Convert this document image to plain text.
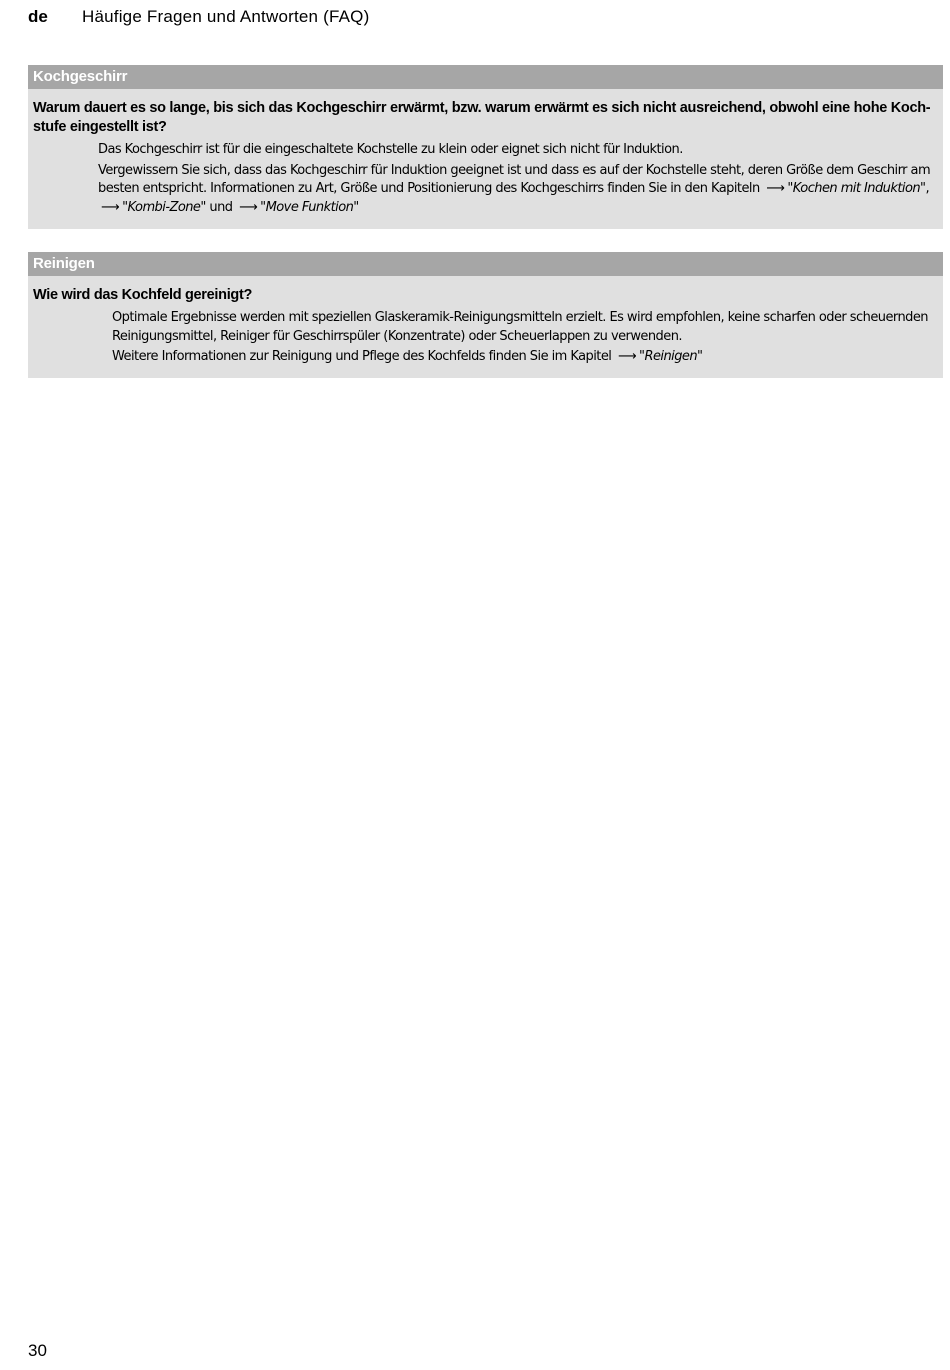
de	Häufige Fragen und Antworten (FAQ)
Kochgeschirr
Warum dauert es so lange, bis sich das Kochgeschirr erwärmt, bzw. warum erwärmt es sich nicht ausreichend, obwohl eine hohe Kochstufe eingestellt ist?

Das Kochgeschirr ist für die eingeschaltete Kochstelle zu klein oder eignet sich nicht für Induktion.

Vergewissern Sie sich, dass das Kochgeschirr für Induktion geeignet ist und dass es auf der Kochstelle steht, deren Größe dem Geschirr am besten entspricht. Informationen zu Art, Größe und Positionierung des Kochgeschirrs finden Sie in den Kapiteln ⟶ "Kochen mit Induktion", ⟶ "Kombi-Zone" und ⟶ "Move Funktion"

Reinigen
Wie wird das Kochfeld gereinigt?

Optimale Ergebnisse werden mit speziellen Glaskeramik-Reinigungsmitteln erzielt. Es wird empfohlen, keine scharfen oder scheuernden Reinigungsmittel, Reiniger für Geschirrspüler (Konzentrate) oder Scheuerlappen zu verwenden.

Weitere Informationen zur Reinigung und Pflege des Kochfelds finden Sie im Kapitel ⟶ "Reinigen"

30
